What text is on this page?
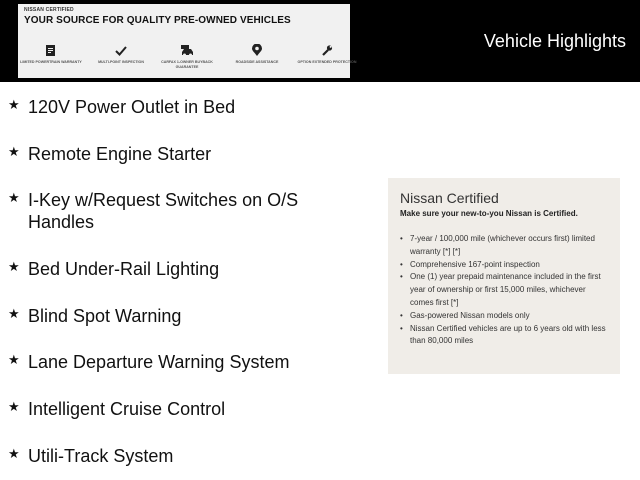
NISSAN CERTIFIED
YOUR SOURCE FOR QUALITY PRE-OWNED VEHICLES
LIMITED POWERTRAIN WARRANTY	MULTI-POINT INSPECTION	CARFAX 1-OWNER BUYBACK GUARANTEE
ROADSIDE ASSISTANCE	OPTION EXTENDED PROTECTION
Vehicle Highlights
★ 120V Power Outlet in Bed
★ Remote Engine Starter
★ I-Key w/Request Switches on O/S Handles
★ Bed Under-Rail Lighting
★ Blind Spot Warning
★ Lane Departure Warning System
★ Intelligent Cruise Control
★ Utili-Track System
Nissan Certified
Make sure your new-to-you Nissan is Certified.
• 7-year / 100,000 mile (whichever occurs first) limited warranty [*] [*]
• Comprehensive 167-point inspection
• One (1) year prepaid maintenance included in the first year of ownership or first 15,000 miles, whichever comes first [*]
• Gas-powered Nissan models only
• Nissan Certified vehicles are up to 6 years old with less than 80,000 miles
